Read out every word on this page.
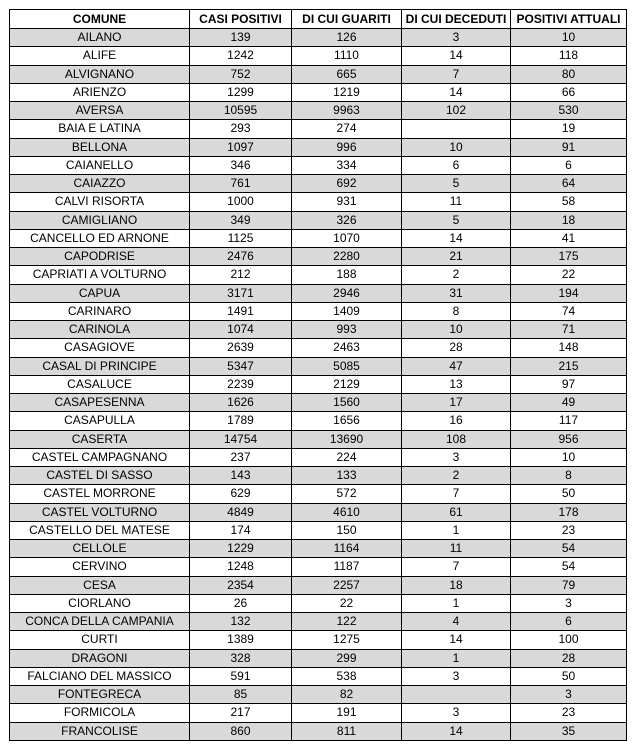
COMUNE	CASI POSITIVI	DI CUI GUARITI	DI CUI DECEDUTI	POSITIVI ATTUALI
AILANO	139	126	3	10
ALIFE	1242	1110	14	118
ALVIGNANO	752	665	7	80
ARIENZO	1299	1219	14	66
AVERSA	10595	9963	102	530
BAIA E LATINA	293	274		19
BELLONA	1097	996	10	91
CAIANELLO	346	334	6	6
CAIAZZO	761	692	5	64
CALVI RISORTA	1000	931	11	58
CAMIGLIANO	349	326	5	18
CANCELLO ED ARNONE	1125	1070	14	41
CAPODRISE	2476	2280	21	175
CAPRIATI A VOLTURNO	212	188	2	22
CAPUA	3171	2946	31	194
CARINARO	1491	1409	8	74
CARINOLA	1074	993	10	71
CASAGIOVE	2639	2463	28	148
CASAL DI PRINCIPE	5347	5085	47	215
CASALUCE	2239	2129	13	97
CASAPESENNA	1626	1560	17	49
CASAPULLA	1789	1656	16	117
CASERTA	14754	13690	108	956
CASTEL CAMPAGNANO	237	224	3	10
CASTEL DI SASSO	143	133	2	8
CASTEL MORRONE	629	572	7	50
CASTEL VOLTURNO	4849	4610	61	178
CASTELLO DEL MATESE	174	150	1	23
CELLOLE	1229	1164	11	54
CERVINO	1248	1187	7	54
CESA	2354	2257	18	79
CIORLANO	26	22	1	3
CONCA DELLA CAMPANIA	132	122	4	6
CURTI	1389	1275	14	100
DRAGONI	328	299	1	28
FALCIANO DEL MASSICO	591	538	3	50
FONTEGRECA	85	82		3
FORMICOLA	217	191	3	23
FRANCOLISE	860	811	14	35
